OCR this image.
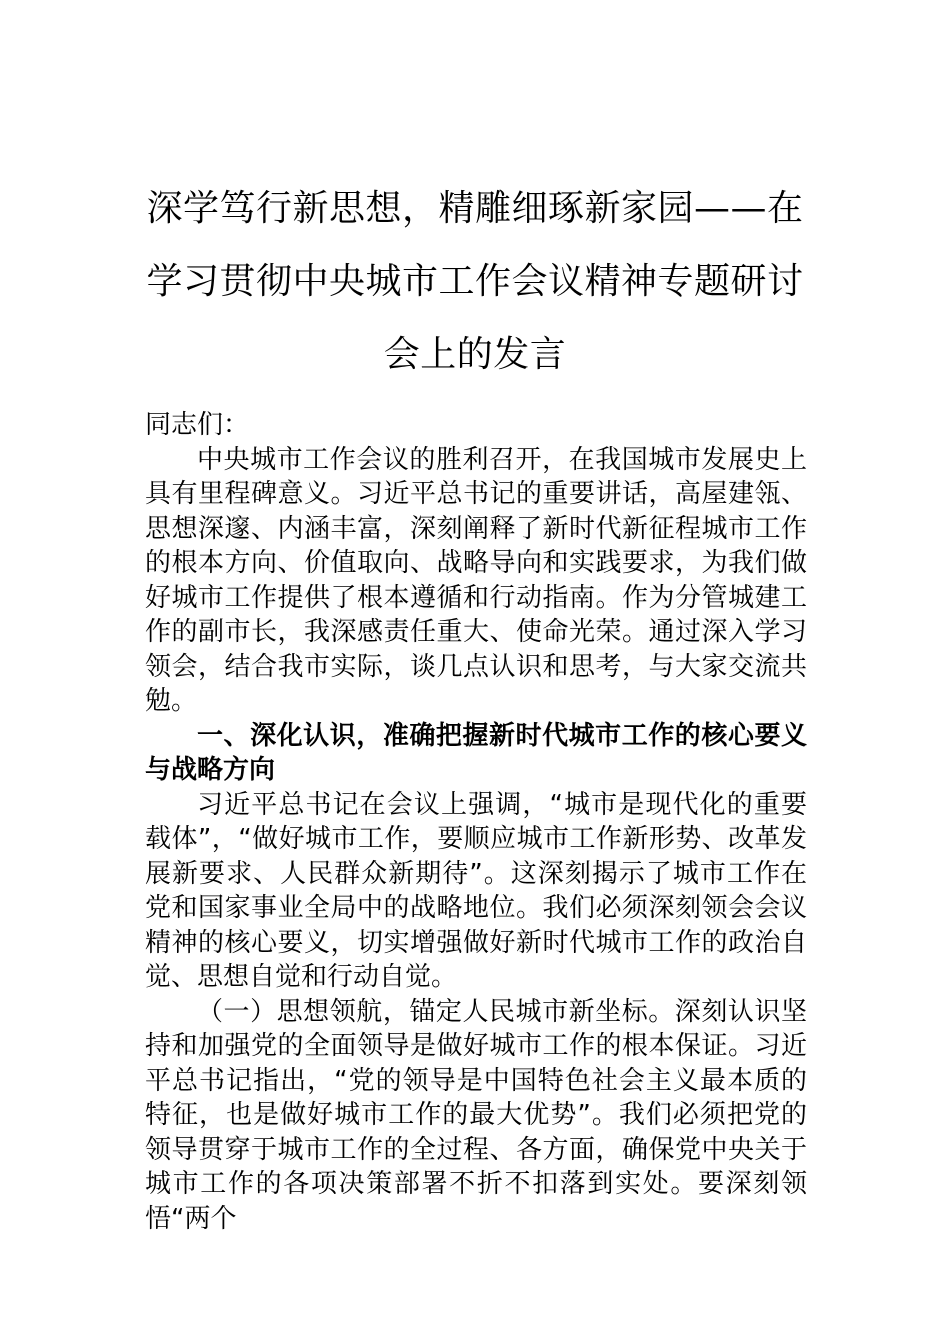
深学笃行新思想，精雕细琢新家园——在学习贯彻中央城市工作会议精神专题研讨会上的发言

同志们：

中央城市工作会议的胜利召开，在我国城市发展史上具有里程碑意义。习近平总书记的重要讲话，高屋建瓴、思想深邃、内涵丰富，深刻阐释了新时代新征程城市工作的根本方向、价值取向、战略导向和实践要求，为我们做好城市工作提供了根本遵循和行动指南。作为分管城建工作的副市长，我深感责任重大、使命光荣。通过深入学习领会，结合我市实际，谈几点认识和思考，与大家交流共勉。

一、深化认识，准确把握新时代城市工作的核心要义与战略方向

习近平总书记在会议上强调，“城市是现代化的重要载体”，“做好城市工作，要顺应城市工作新形势、改革发展新要求、人民群众新期待”。这深刻揭示了城市工作在党和国家事业全局中的战略地位。我们必须深刻领会会议精神的核心要义，切实增强做好新时代城市工作的政治自觉、思想自觉和行动自觉。

（一）思想领航，锚定人民城市新坐标。深刻认识坚持和加强党的全面领导是做好城市工作的根本保证。习近平总书记指出，“党的领导是中国特色社会主义最本质的特征，也是做好城市工作的最大优势”。我们必须把党的领导贯穿于城市工作的全过程、各方面，确保党中央关于城市工作的各项决策部署不折不扣落到实处。要深刻领悟“两个
